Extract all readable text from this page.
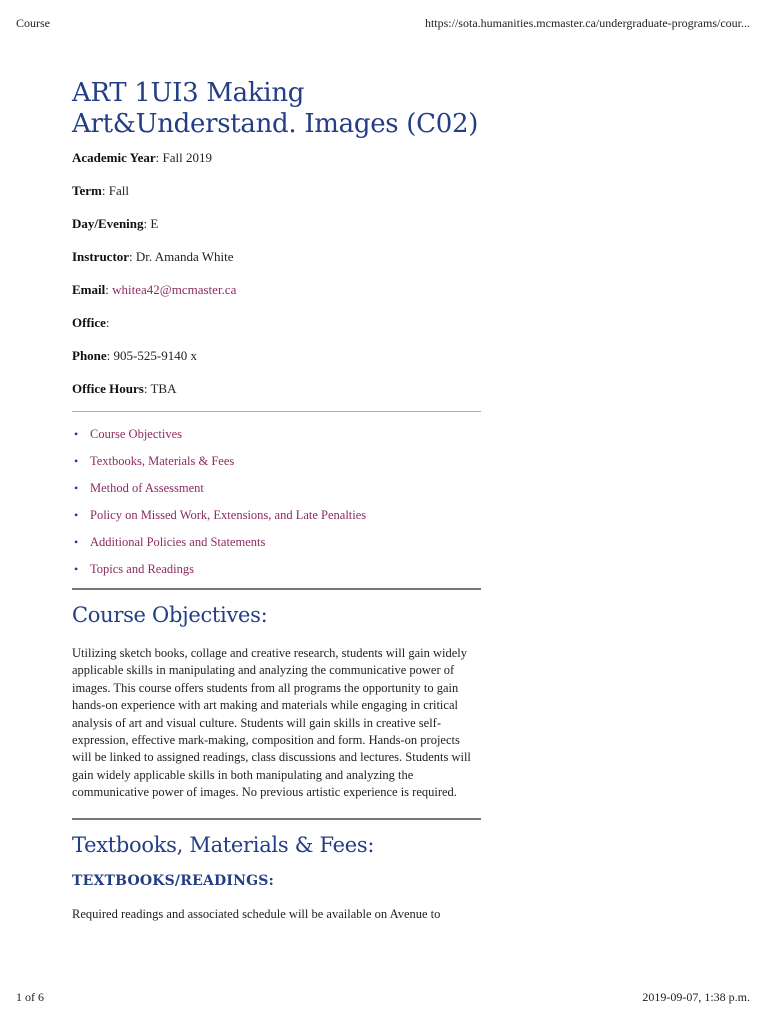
Course	https://sota.humanities.mcmaster.ca/undergraduate-programs/cour...
ART 1UI3 Making Art&Understand. Images (C02)
Academic Year: Fall 2019
Term: Fall
Day/Evening: E
Instructor: Dr. Amanda White
Email: whitea42@mcmaster.ca
Office:
Phone: 905-525-9140 x
Office Hours: TBA
• Course Objectives
• Textbooks, Materials & Fees
• Method of Assessment
• Policy on Missed Work, Extensions, and Late Penalties
• Additional Policies and Statements
• Topics and Readings
Course Objectives:

Utilizing sketch books, collage and creative research, students will gain widely applicable skills in manipulating and analyzing the communicative power of images. This course offers students from all programs the opportunity to gain hands-on experience with art making and materials while engaging in critical analysis of art and visual culture. Students will gain skills in creative self-expression, effective mark-making, composition and form. Hands-on projects will be linked to assigned readings, class discussions and lectures. Students will gain widely applicable skills in both manipulating and analyzing the communicative power of images. No previous artistic experience is required.

Textbooks, Materials & Fees:
TEXTBOOKS/READINGS:

Required readings and associated schedule will be available on Avenue to

1 of 6	2019-09-07, 1:38 p.m.
